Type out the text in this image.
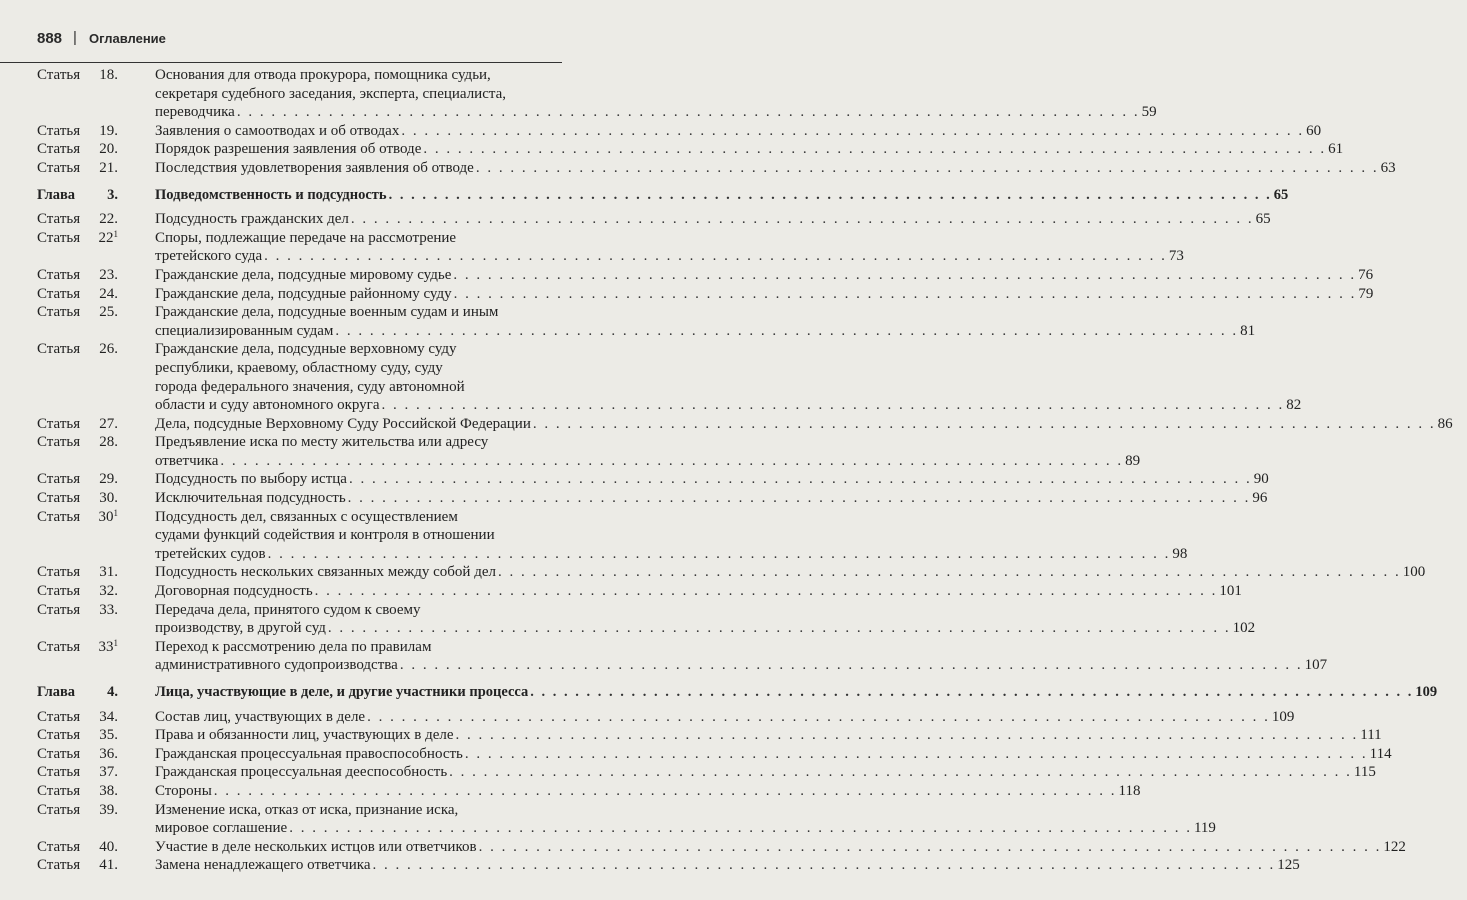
888 | Оглавление
Статья 18. Основания для отвода прокурора, помощника судьи,
секретаря судебного заседания, эксперта, специалиста,
переводчика . . .	59
Статья 19. Заявления о самоотводах и об отводах . . .	60
Статья 20. Порядок разрешения заявления об отводе . . .	61
Статья 21. Последствия удовлетворения заявления об отводе . . .	63
Глава 3.	Подведомственность и подсудность . . .	65
Статья 22. Подсудность гражданских дел . . .	65
Статья $22^1$ Споры, подлежащие передаче на рассмотрение
третейского суда . . .	73
Статья 23. Гражданские дела, подсудные мировому судье . . .	76
Статья 24. Гражданские дела, подсудные районному суду . . .	79
Статья 25. Гражданские дела, подсудные военным судам и иным
специализированным судам . . .	81
Статья 26. Гражданские дела, подсудные верховному суду
республики, краевому, областному суду, суду
города федерального значения, суду автономной
области и суду автономного округа . . .	82
Статья 27. Дела, подсудные Верховному Суду Российской Федерации . . .	86
Статья 28. Предъявление иска по месту жительства или адресу
ответчика . . .	89
Статья 29. Подсудность по выбору истца . . .	90
Статья 30. Исключительная подсудность . . .	96
Статья $30^1$ Подсудность дел, связанных с осуществлением
судами функций содействия и контроля в отношении
третейских судов . . .	98
Статья 31. Подсудность нескольких связанных между собой дел . . .	100
Статья 32. Договорная подсудность . . .	101
Статья 33. Передача дела, принятого судом к своему
производству, в другой суд . . .	102
Статья $33^1$ Переход к рассмотрению дела по правилам
административного судопроизводства . . .	107
Глава 4.	Лица, участвующие в деле, и другие участники процесса . . .	109
Статья 34. Состав лиц, участвующих в деле . . .	109
Статья 35. Права и обязанности лиц, участвующих в деле . . .	111
Статья 36. Гражданская процессуальная правоспособность . . .	114
Статья 37. Гражданская процессуальная дееспособность . . .	115
Статья 38. Стороны . . .	118
Статья 39. Изменение иска, отказ от иска, признание иска,
мировое соглашение . . .	119
Статья 40. Участие в деле нескольких истцов или ответчиков . . .	122
Статья 41. Замена ненадлежащего ответчика . . .	125
